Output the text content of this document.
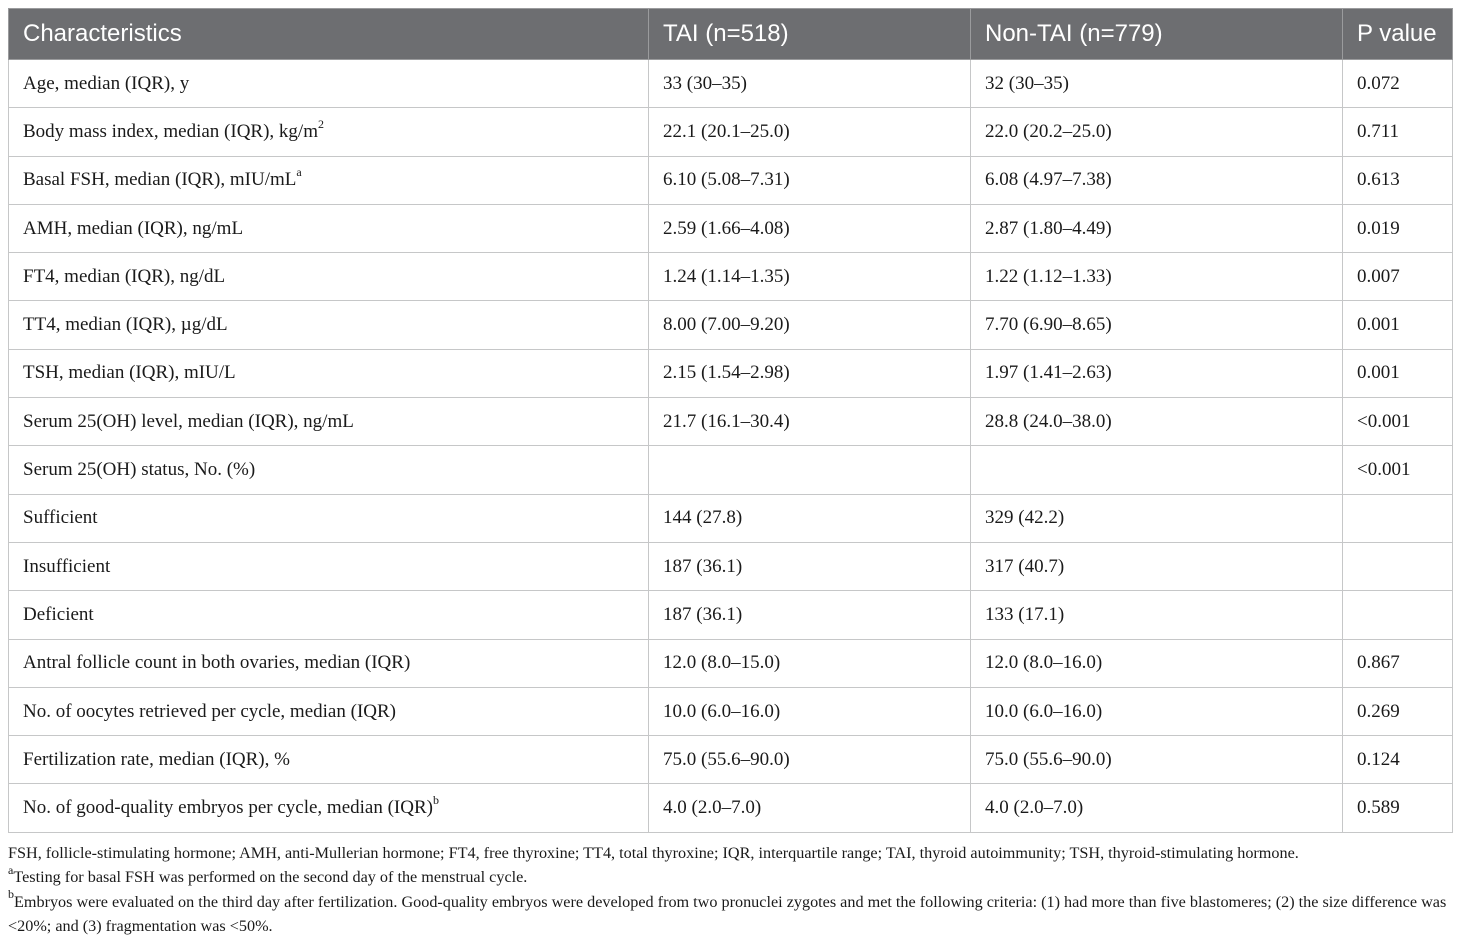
Characteristics	TAI (n=518)	Non-TAI (n=779)	P value
Age, median (IQR), y	33 (30–35)	32 (30–35)	0.072
Body mass index, median (IQR), $kg/m^2$	22.1 (20.1–25.0)	22.0 (20.2–25.0)	0.711
Basal FSH, median (IQR), mIU/$mL^a$	6.10 (5.08–7.31)	6.08 (4.97–7.38)	0.613
AMH, median (IQR), ng/mL	2.59 (1.66–4.08)	2.87 (1.80–4.49)	0.019
FT4, median (IQR), ng/dL	1.24 (1.14–1.35)	1.22 (1.12–1.33)	0.007
TT4, median (IQR), µg/dL	8.00 (7.00–9.20)	7.70 (6.90–8.65)	0.001
TSH, median (IQR), mIU/L	2.15 (1.54–2.98)	1.97 (1.41–2.63)	0.001
Serum 25(OH) level, median (IQR), ng/mL	21.7 (16.1–30.4)	28.8 (24.0–38.0)	<0.001
Serum 25(OH) status, No. (%)			<0.001
Sufficient	144 (27.8)	329 (42.2)	
Insufficient	187 (36.1)	317 (40.7)	
Deficient	187 (36.1)	133 (17.1)	
Antral follicle count in both ovaries, median (IQR)	12.0 (8.0–15.0)	12.0 (8.0–16.0)	0.867
No. of oocytes retrieved per cycle, median (IQR)	10.0 (6.0–16.0)	10.0 (6.0–16.0)	0.269
Fertilization rate, median (IQR), %	75.0 (55.6–90.0)	75.0 (55.6–90.0)	0.124
No. of good-quality embryos per cycle, median (IQR)$^b$	4.0 (2.0–7.0)	4.0 (2.0–7.0)	0.589

FSH, follicle-stimulating hormone; AMH, anti-Mullerian hormone; FT4, free thyroxine; TT4, total thyroxine; IQR, interquartile range; TAI, thyroid autoimmunity; TSH, thyroid-stimulating hormone.

$^a$Testing for basal FSH was performed on the second day of the menstrual cycle.

$^b$Embryos were evaluated on the third day after fertilization. Good-quality embryos were developed from two pronuclei zygotes and met the following criteria: (1) had more than five blastomeres; (2) the size difference was <20%; and (3) fragmentation was <50%.
